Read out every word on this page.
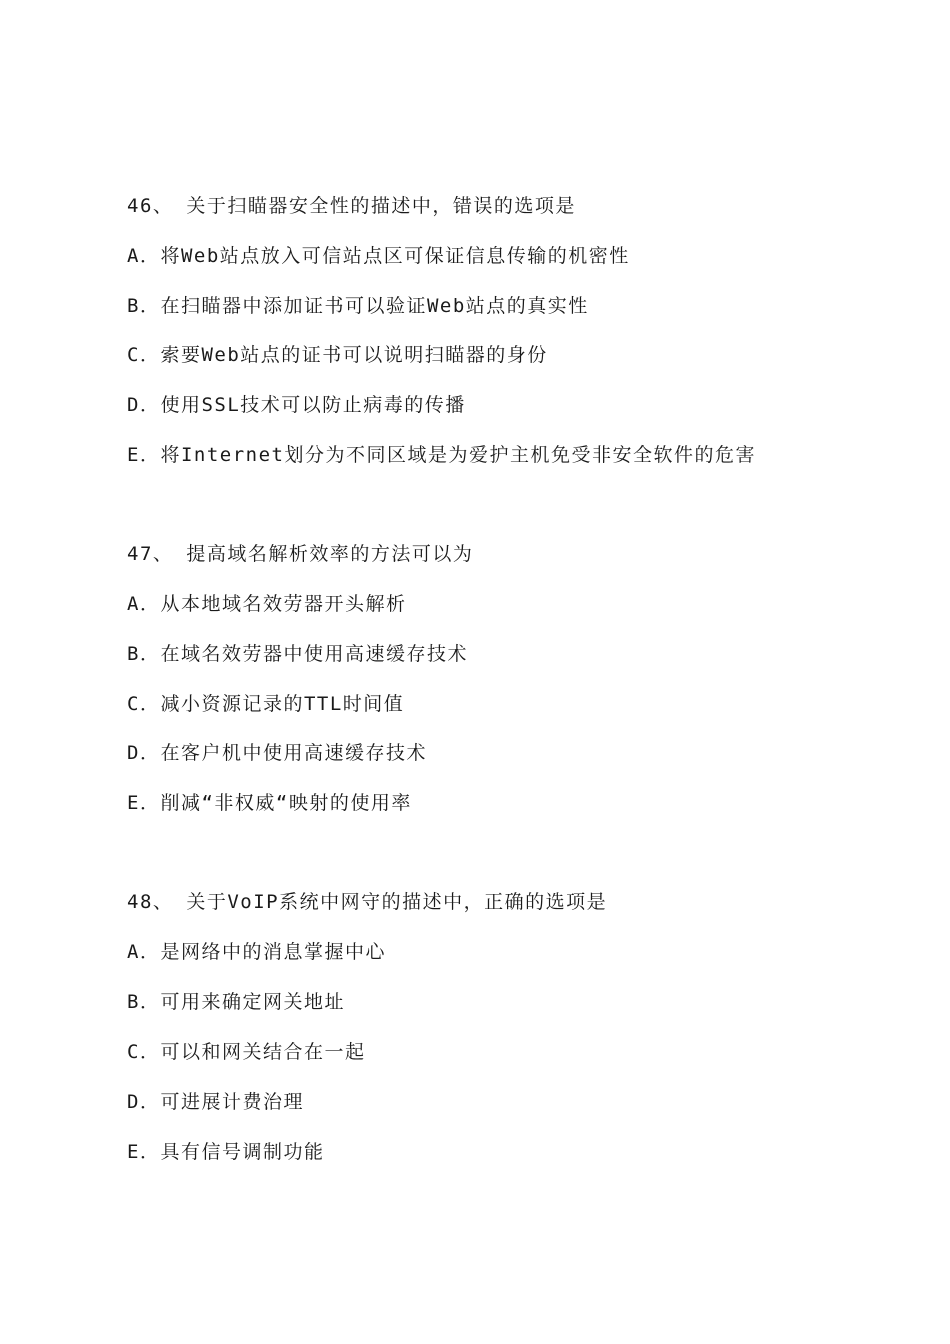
46、 关于扫瞄器安全性的描述中，错误的选项是
A．将Web站点放入可信站点区可保证信息传输的机密性
B．在扫瞄器中添加证书可以验证Web站点的真实性
C．索要Web站点的证书可以说明扫瞄器的身份
D．使用SSL技术可以防止病毒的传播
E．将Internet划分为不同区域是为爱护主机免受非安全软件的危害
47、 提高域名解析效率的方法可以为
A．从本地域名效劳器开头解析
B．在域名效劳器中使用高速缓存技术
C．减小资源记录的TTL时间值
D．在客户机中使用高速缓存技术
E．削减“非权威“映射的使用率
48、 关于VoIP系统中网守的描述中，正确的选项是
A．是网络中的消息掌握中心
B．可用来确定网关地址
C．可以和网关结合在一起
D．可进展计费治理
E．具有信号调制功能
